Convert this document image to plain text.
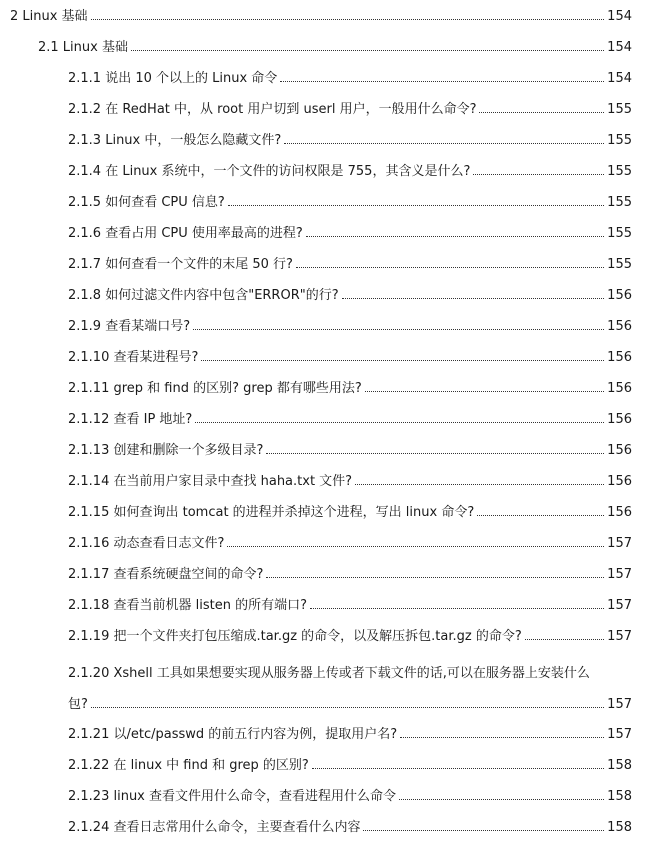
2 Linux 基础	154
2.1 Linux 基础	154
2.1.1 说出 10 个以上的 Linux 命令	154
2.1.2 在 RedHat 中，从 root 用户切到 userl 用户，一般用什么命令?	155
2.1.3 Linux 中，一般怎么隐藏文件?	155
2.1.4 在 Linux 系统中，一个文件的访问权限是 755，其含义是什么?	155
2.1.5 如何查看 CPU 信息?	155
2.1.6 查看占用 CPU 使用率最高的进程?	155
2.1.7 如何查看一个文件的末尾 50 行?	155
2.1.8 如何过滤文件内容中包含"ERROR"的行?	156
2.1.9 查看某端口号?	156
2.1.10 查看某进程号?	156
2.1.11 grep 和 find 的区别? grep 都有哪些用法?	156
2.1.12 查看 IP 地址?	156
2.1.13 创建和删除一个多级目录?	156
2.1.14 在当前用户家目录中查找 haha.txt 文件?	156
2.1.15 如何查询出 tomcat 的进程并杀掉这个进程，写出 linux 命令?	156
2.1.16 动态查看日志文件?	157
2.1.17 查看系统硬盘空间的命令?	157
2.1.18 查看当前机器 listen 的所有端口?	157
2.1.19 把一个文件夹打包压缩成.tar.gz 的命令，以及解压拆包.tar.gz 的命令?	157
2.1.20 Xshell 工具如果想要实现从服务器上传或者下载文件的话,可以在服务器上安装什么
包?	157
2.1.21 以/etc/passwd 的前五行内容为例，提取用户名?	157
2.1.22 在 linux 中 find 和 grep 的区别?	158
2.1.23 linux 查看文件用什么命令，查看进程用什么命令	158
2.1.24 查看日志常用什么命令，主要查看什么内容	158
